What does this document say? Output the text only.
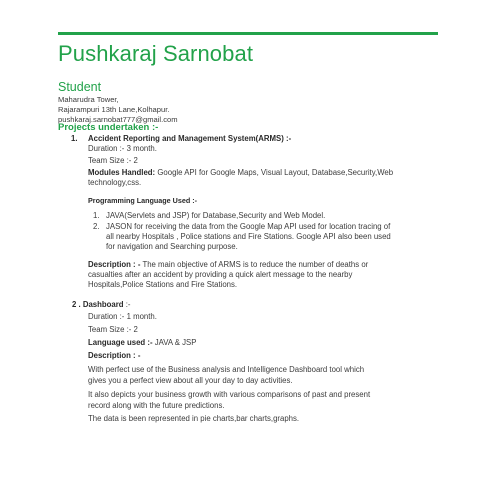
Pushkaraj Sarnobat
Student
Maharudra Tower,
Rajarampuri 13th Lane,Kolhapur.
pushkaraj.sarnobat777@gmail.com
Projects undertaken :-
1. Accident Reporting and Management System(ARMS) :-
Duration :- 3 month.
Team Size :- 2
Modules Handled: Google API for Google Maps, Visual Layout, Database,Security,Web
technology,css.
Programming Language Used :-
1. JAVA(Servlets and JSP) for Database,Security and Web Model.
2. JASON for receiving the data from the Google Map API used for location tracing of
all nearby Hospitals , Police stations and Fire Stations. Google API also been used
for navigation and Searching purpose.
Description : - The main objective of ARMS is to reduce the number of deaths or
casualties after an accident by providing a quick alert message to the nearby
Hospitals,Police Stations and Fire Stations.
2 . Dashboard :-
Duration :- 1 month.
Team Size :- 2
Language used :- JAVA & JSP
Description : -
With perfect use of the Business analysis and Intelligence Dashboard tool which
gives you a perfect view about all your day to day activities.
It also depicts your business growth with various comparisons of past and present
record along with the future predictions.
The data is been represented in pie charts,bar charts,graphs.
